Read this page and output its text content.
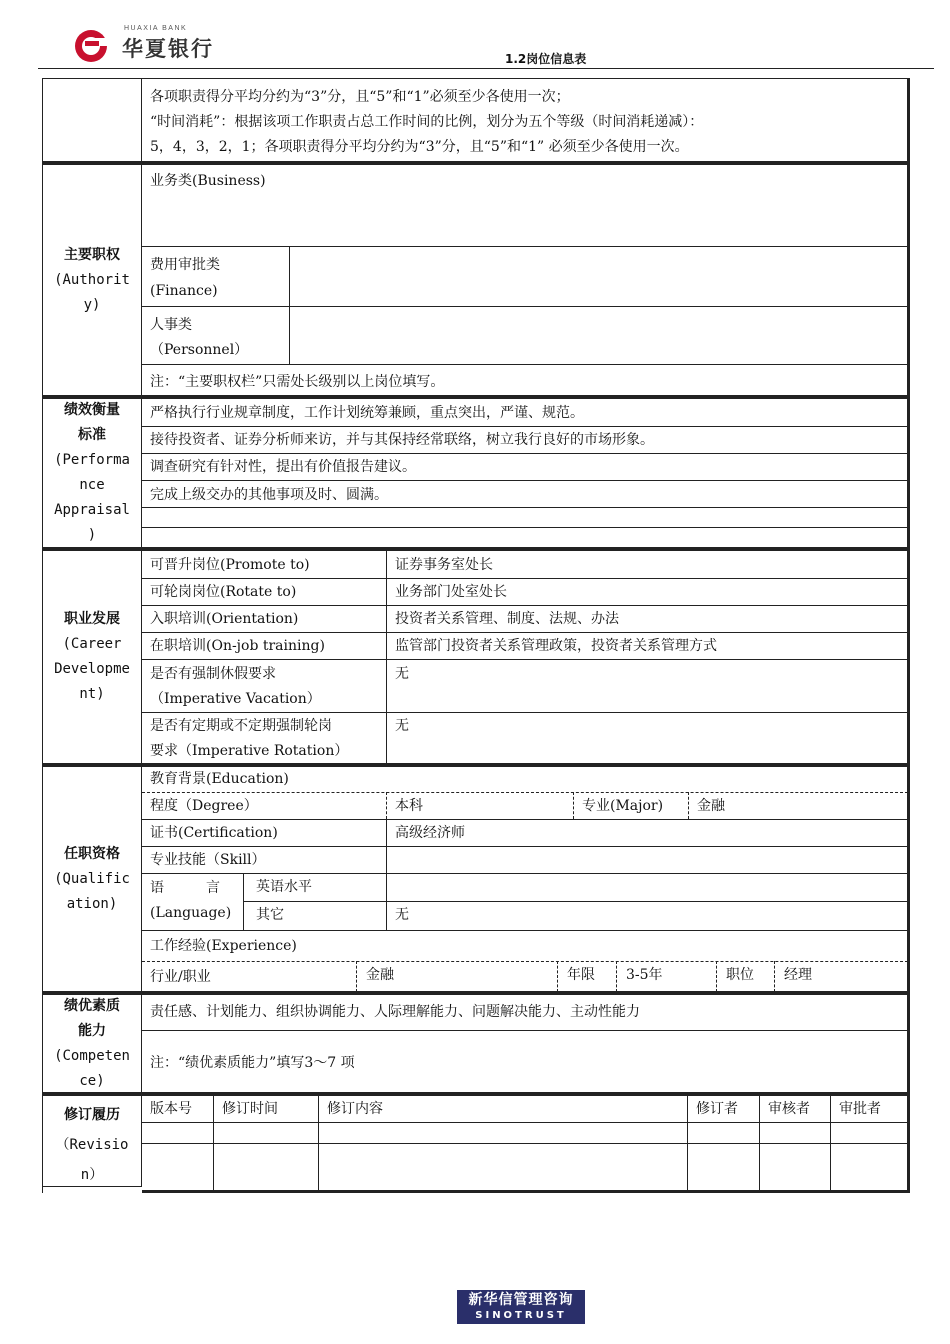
HUAXIA BANK
华夏银行	1.2岗位信息表
各项职责得分平均分约为“3”分，且“5”和“1”必须至少各使用一次；
“时间消耗”：根据该项工作职责占总工作时间的比例，划分为五个等级（时间消耗递减）：
5，4，3，2，1；各项职责得分平均分约为“3”分，且“5”和“1” 必须至少各使用一次。
主要职权
(Authorit
y)
业务类(Business)
费用审批类
(Finance)
人事类
（Personnel）
注：“主要职权栏”只需处长级别以上岗位填写。
绩效衡量
标准
(Performa
nce
Appraisal
)
严格执行行业规章制度，工作计划统筹兼顾，重点突出，严谨、规范。
接待投资者、证券分析师来访，并与其保持经常联络，树立我行良好的市场形象。
调查研究有针对性，提出有价值报告建议。
完成上级交办的其他事项及时、圆满。
职业发展
(Career
Developme
nt)
可晋升岗位(Promote to)	证券事务室处长
可轮岗岗位(Rotate to)	业务部门处室处长
入职培训(Orientation)	投资者关系管理、制度、法规、办法
在职培训(On-job training)	监管部门投资者关系管理政策，投资者关系管理方式
是否有强制休假要求
（Imperative Vacation）
无
是否有定期或不定期强制轮岗
要求（Imperative Rotation）
无
任职资格
(Qualific
ation)
教育背景(Education)
程度（Degree）	本科	专业(Major)	金融
证书(Certification)	高级经济师
专业技能（Skill）
语　　　言
(Language)
英语水平
其它	无
工作经验(Experience)
行业/职业	金融	年限	3-5年	职位	经理
绩优素质
能力
(Competen
ce)
责任感、计划能力、组织协调能力、人际理解能力、问题解决能力、主动性能力
注：“绩优素质能力”填写3～7 项
修订履历
（Revisio
n）
版本号	修订时间	修订内容	修订者	审核者	审批者
新华信管理咨询
SINOTRUST
